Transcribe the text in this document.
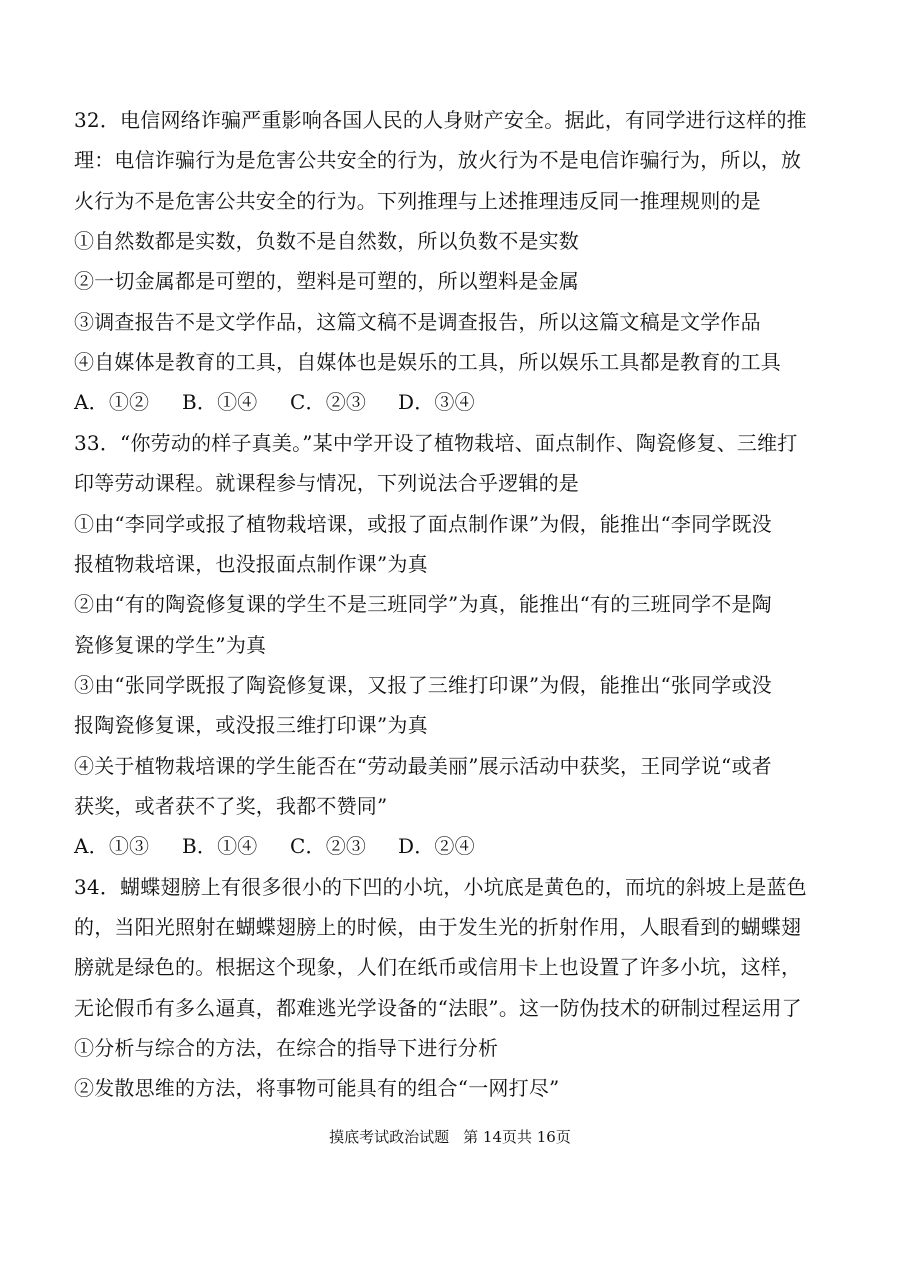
32．电信网络诈骗严重影响各国人民的人身财产安全。据此，有同学进行这样的推
理：电信诈骗行为是危害公共安全的行为，放火行为不是电信诈骗行为，所以，放
火行为不是危害公共安全的行为。下列推理与上述推理违反同一推理规则的是
①自然数都是实数，负数不是自然数，所以负数不是实数
②一切金属都是可塑的，塑料是可塑的，所以塑料是金属
③调查报告不是文学作品，这篇文稿不是调查报告，所以这篇文稿是文学作品
④自媒体是教育的工具，自媒体也是娱乐的工具，所以娱乐工具都是教育的工具
A．①②	B．①④	C．②③	D．③④
33．“你劳动的样子真美。”某中学开设了植物栽培、面点制作、陶瓷修复、三维打
印等劳动课程。就课程参与情况，下列说法合乎逻辑的是
①由“李同学或报了植物栽培课，或报了面点制作课”为假，能推出“李同学既没
报植物栽培课，也没报面点制作课”为真
②由“有的陶瓷修复课的学生不是三班同学”为真，能推出“有的三班同学不是陶
瓷修复课的学生”为真
③由“张同学既报了陶瓷修复课，又报了三维打印课”为假，能推出“张同学或没
报陶瓷修复课，或没报三维打印课”为真
④关于植物栽培课的学生能否在“劳动最美丽”展示活动中获奖，王同学说“或者
获奖，或者获不了奖，我都不赞同”
A．①③	B．①④	C．②③	D．②④
34．蝴蝶翅膀上有很多很小的下凹的小坑，小坑底是黄色的，而坑的斜坡上是蓝色
的，当阳光照射在蝴蝶翅膀上的时候，由于发生光的折射作用，人眼看到的蝴蝶翅
膀就是绿色的。根据这个现象，人们在纸币或信用卡上也设置了许多小坑，这样，
无论假币有多么逼真，都难逃光学设备的“法眼”。这一防伪技术的研制过程运用了
①分析与综合的方法，在综合的指导下进行分析
②发散思维的方法，将事物可能具有的组合“一网打尽”
摸底考试政治试题 第 14页共 16页
